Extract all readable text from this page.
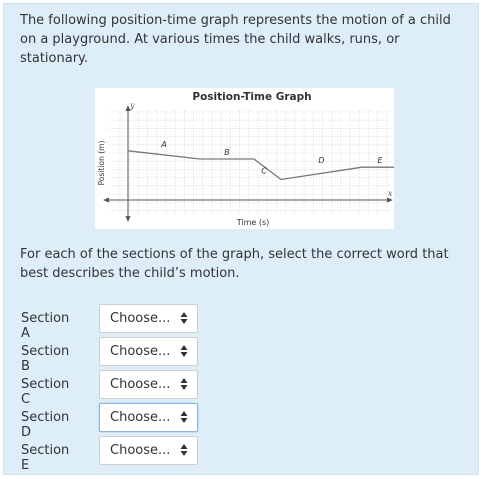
The following position-time graph represents the motion of a child on a playground. At various times the child walks, runs, or stationary.
Position-Time Graph
y
x
Time (s)
Position (m)	A
B
C
D	E
For each of the sections of the graph, select the correct word that best describes the child’s motion.
Section A
Choose...
Section B
Choose...
Section C
Choose...
Section D
Choose...
Section E
Choose...
